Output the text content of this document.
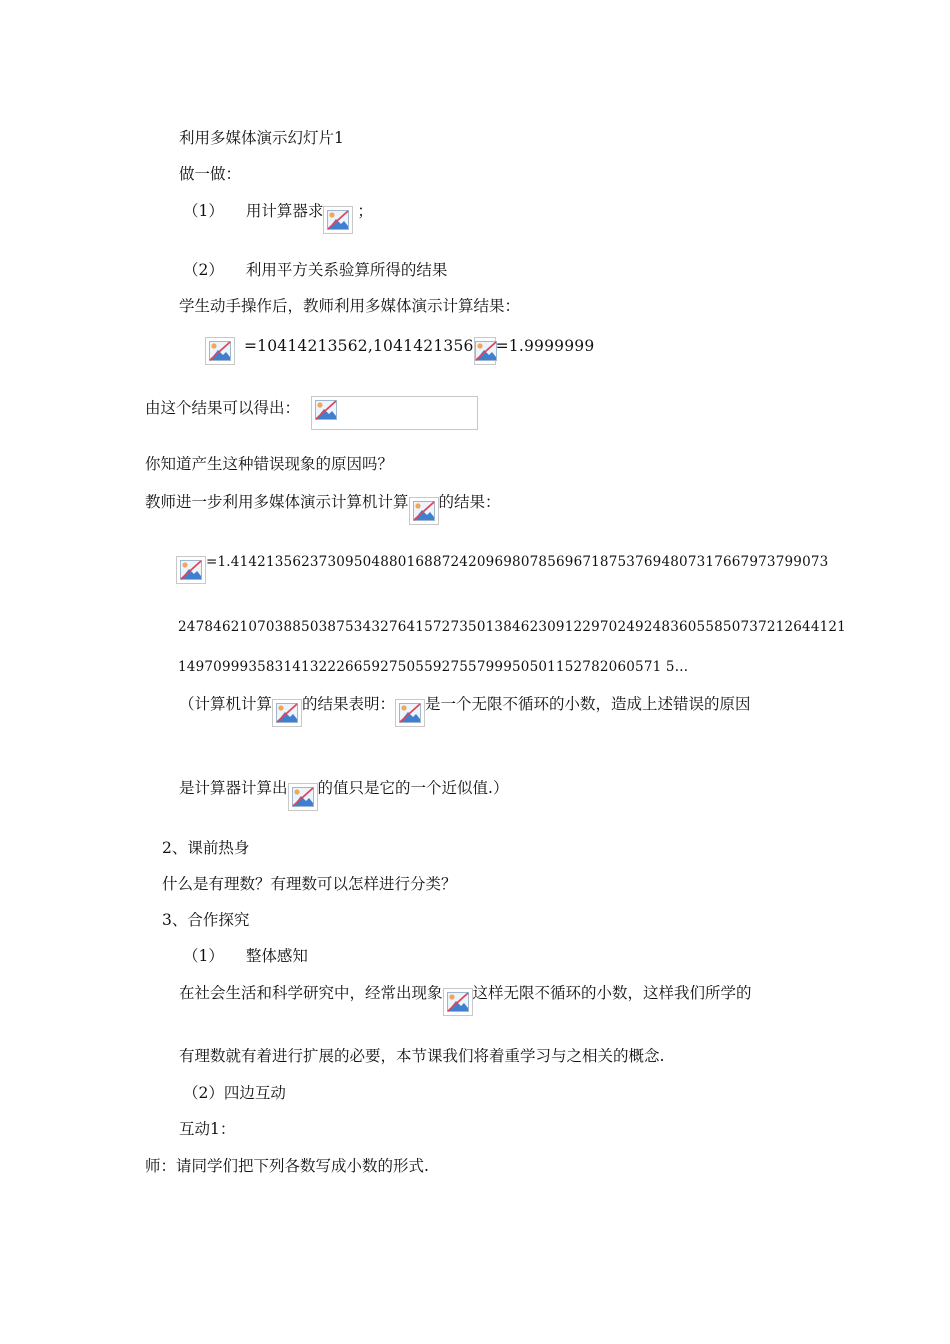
利用多媒体演示幻灯片1
做一做：
（1） 用计算器求 ；
（2） 利用平方关系验算所得的结果
学生动手操作后，教师利用多媒体演示计算结果：
=10414213562,1041421356 =1.9999999
由这个结果可以得出：
你知道产生这种错误现象的原因吗？
教师进一步利用多媒体演示计算机计算 的结果：
=1.41421356237309504880168872420969807856967187537694807317667973799073
2478462107038850387534327641572735013846230912297024924836055850737212644121
1497099935831413222665927505592755799950501152782060571 5…
（计算机计算 的结果表明： 是一个无限不循环的小数，造成上述错误的原因
是计算器计算出 的值只是它的一个近似值.）
2、课前热身
什么是有理数？有理数可以怎样进行分类？
3、合作探究
（1） 整体感知
在社会生活和科学研究中，经常出现象 这样无限不循环的小数，这样我们所学的
有理数就有着进行扩展的必要，本节课我们将着重学习与之相关的概念.
（2）四边互动
互动1：
师：请同学们把下列各数写成小数的形式.
